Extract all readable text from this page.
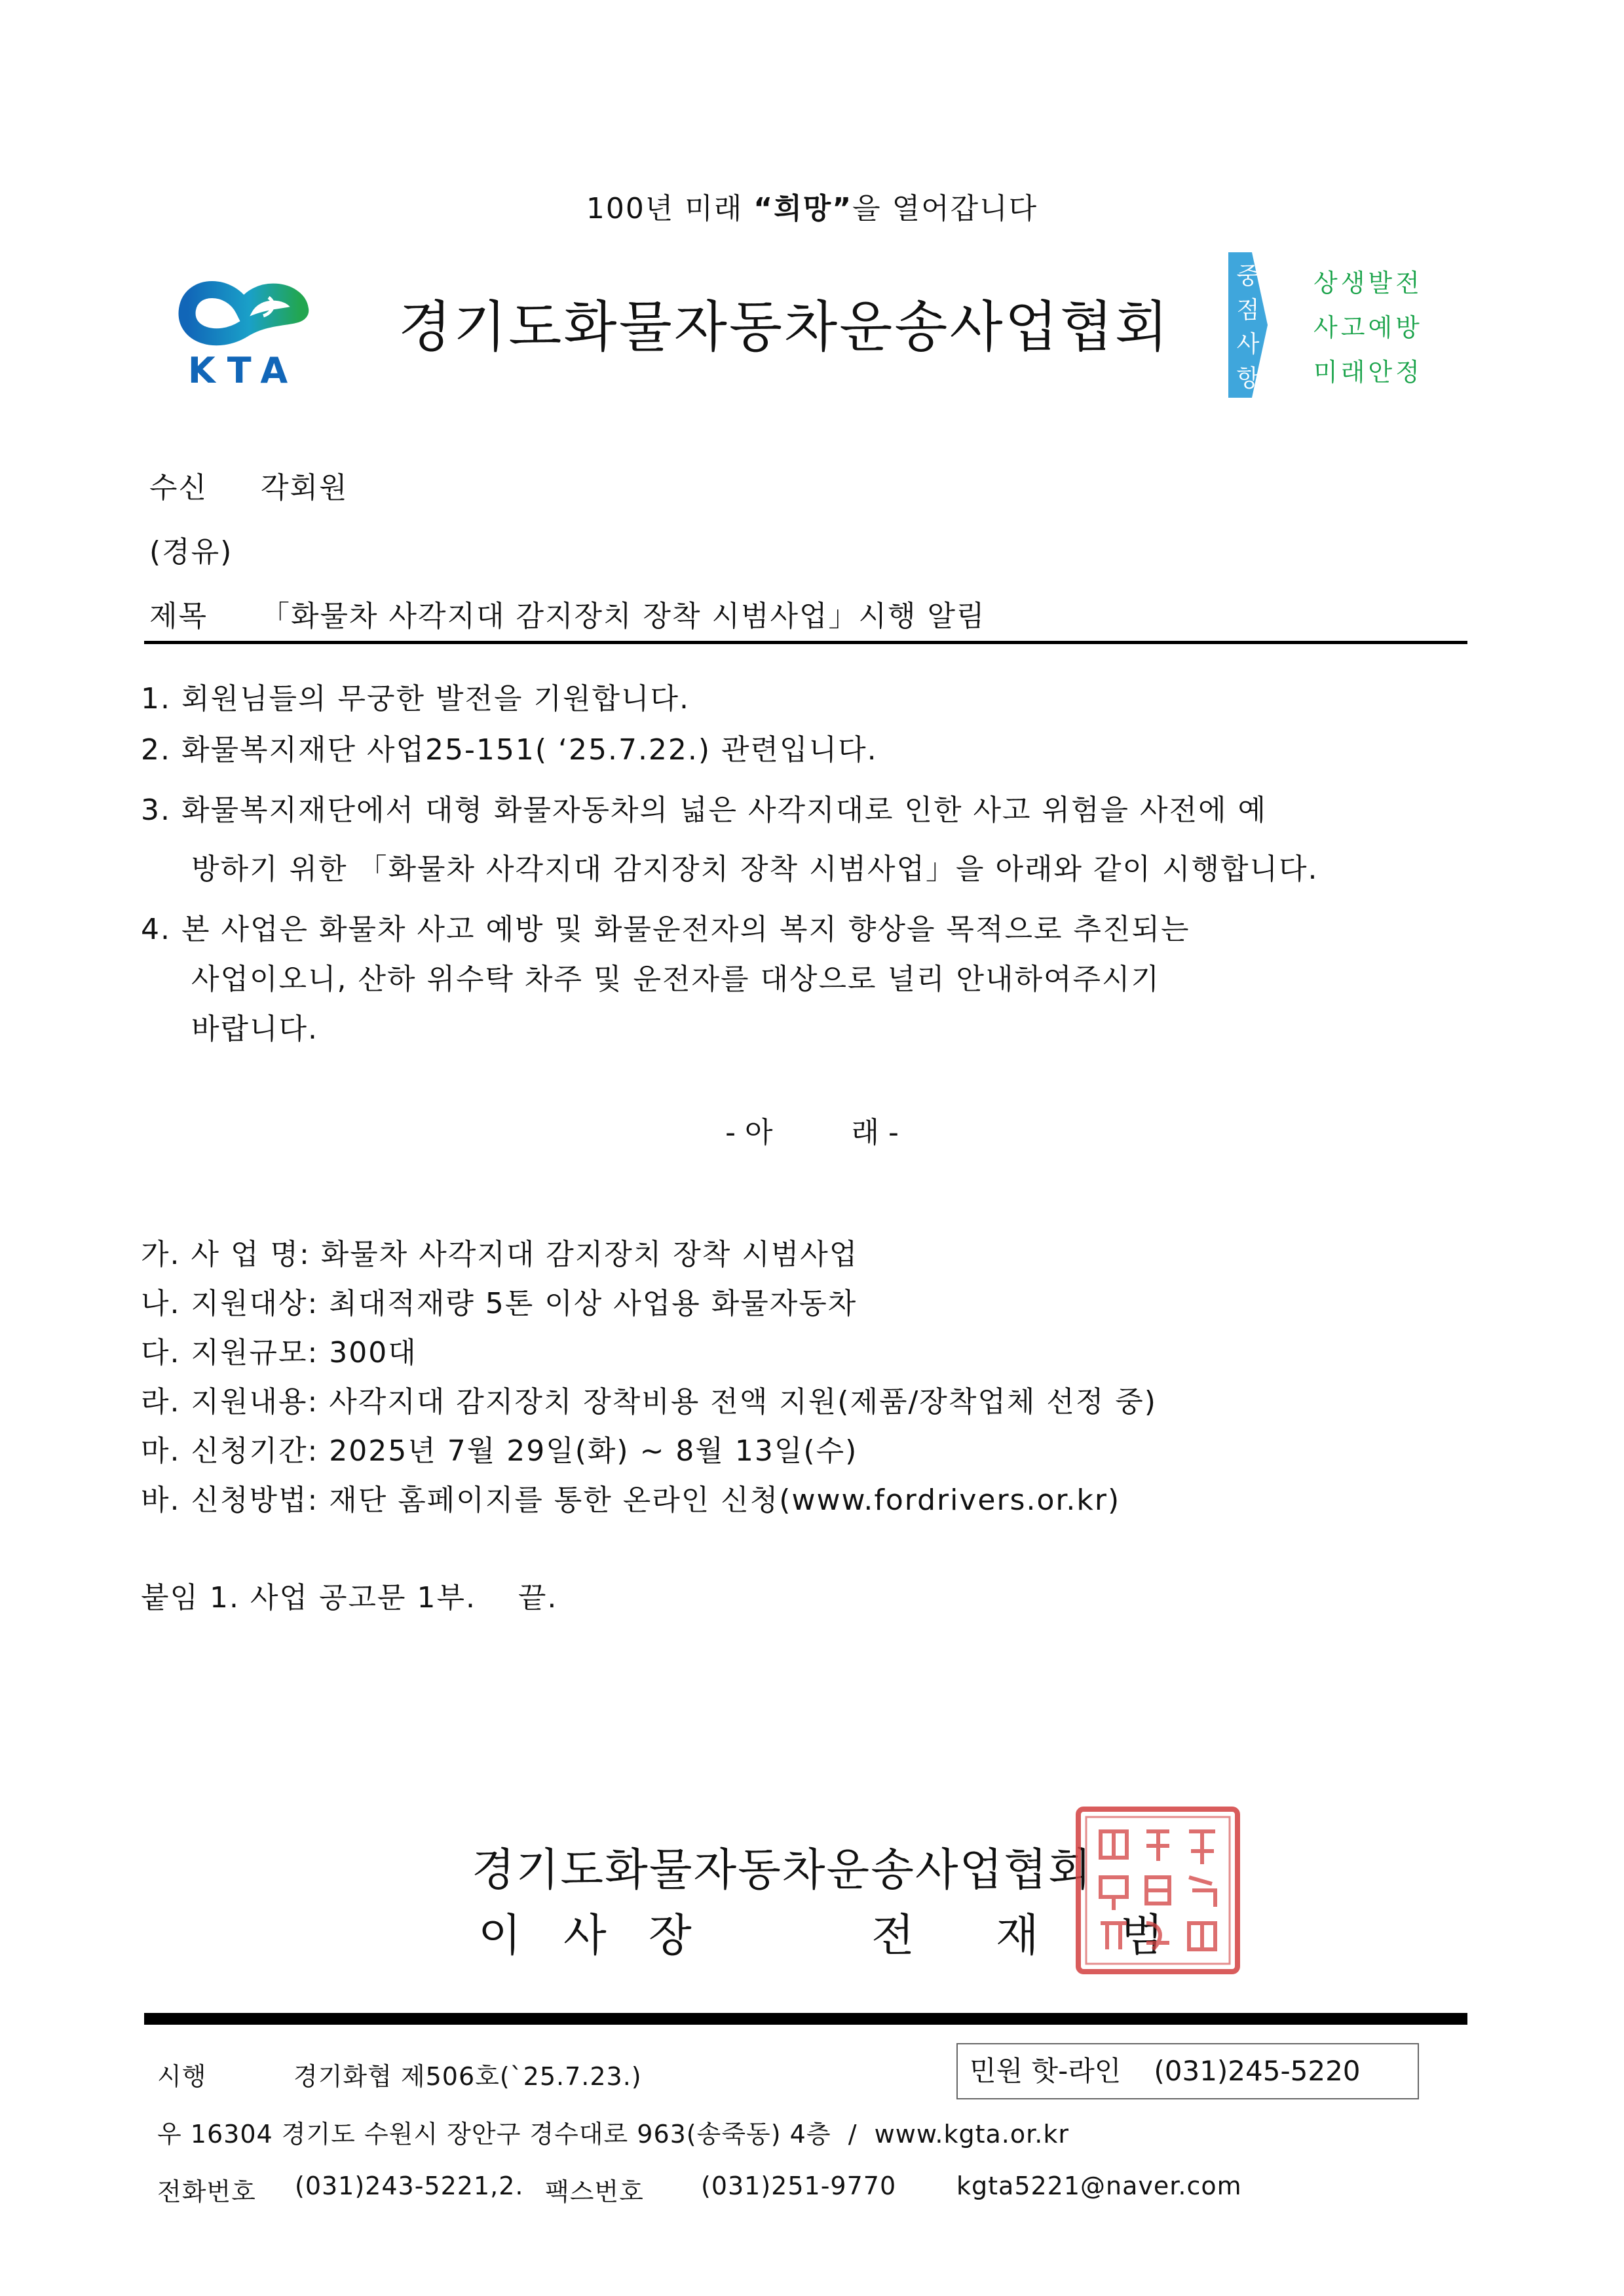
100년 미래 “희망”을 열어갑니다
KTA
경기도화물자동차운송사업협회
중
점
사
항
상생발전
사고예방
미래안정
수신 각회원
(경유)
제목 「화물차 사각지대 감지장치 장착 시범사업」시행 알림
1. 회원님들의 무궁한 발전을 기원합니다.
2. 화물복지재단 사업25-151( ‘25.7.22.) 관련입니다.
3. 화물복지재단에서 대형 화물자동차의 넓은 사각지대로 인한 사고 위험을 사전에 예
방하기 위한 「화물차 사각지대 감지장치 장착 시범사업」을 아래와 같이 시행합니다.
4. 본 사업은 화물차 사고 예방 및 화물운전자의 복지 향상을 목적으로 추진되는
사업이오니, 산하 위수탁 차주 및 운전자를 대상으로 널리 안내하여주시기
바랍니다.
- 아	래 -
가. 사 업 명: 화물차 사각지대 감지장치 장착 시범사업
나. 지원대상: 최대적재량 5톤 이상 사업용 화물자동차
다. 지원규모: 300대
라. 지원내용: 사각지대 감지장치 장착비용 전액 지원(제품/장착업체 선정 중)
마. 신청기간: 2025년 7월 29일(화) ~ 8월 13일(수)
바. 신청방법: 재단 홈페이지를 통한 온라인 신청(www.fordrivers.or.kr)
붙임 1. 사업 공고문 1부.    끝.
경기도화물자동차운송사업협회
이 사 장	전 재 범
시행	경기화협 제506호(`25.7.23.)	민원 핫-라인 (031)245-5220
우 16304 경기도 수원시 장안구 경수대로 963(송죽동) 4층  /  www.kgta.or.kr
전화번호 (031)243-5221,2. 팩스번호 (031)251-9770 kgta5221@naver.com
